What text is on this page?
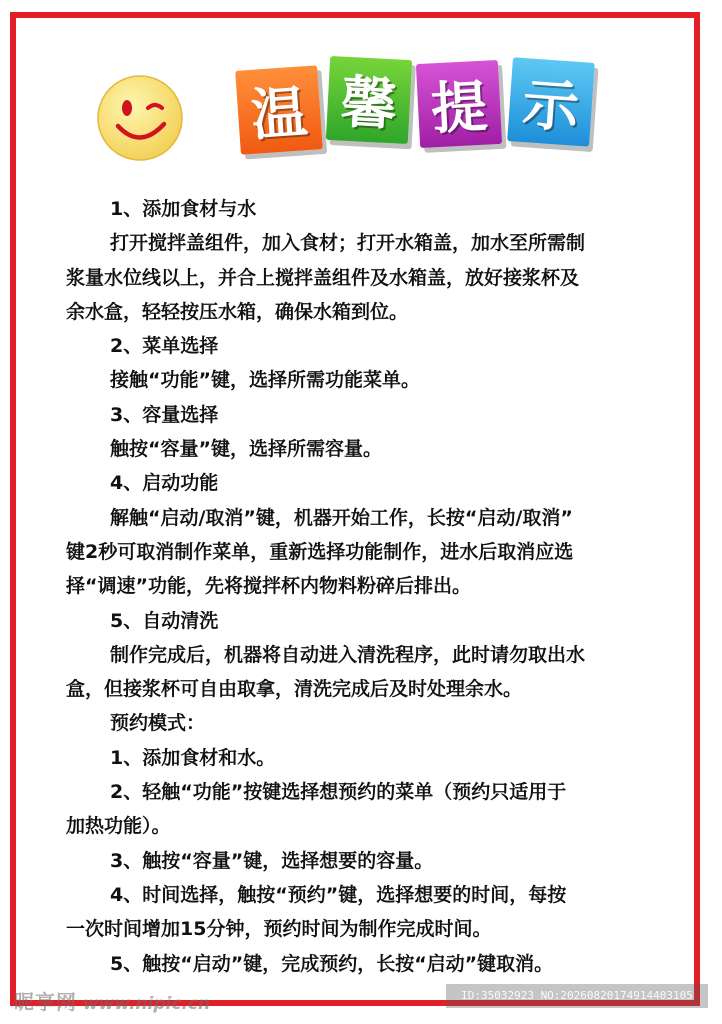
温 馨 提 示
1、添加食材与水
打开搅拌盖组件，加入食材；打开水箱盖，加水至所需制
浆量水位线以上，并合上搅拌盖组件及水箱盖，放好接浆杯及
余水盒，轻轻按压水箱，确保水箱到位。
2、菜单选择
接触“功能”键，选择所需功能菜单。
3、容量选择
触按“容量”键，选择所需容量。
4、启动功能
解触“启动/取消”键，机器开始工作，长按“启动/取消”
键2秒可取消制作菜单，重新选择功能制作，进水后取消应选
择“调速”功能，先将搅拌杯内物料粉碎后排出。
5、自动清洗
制作完成后，机器将自动进入清洗程序，此时请勿取出水
盒，但接浆杯可自由取拿，清洗完成后及时处理余水。
预约模式：
1、添加食材和水。
2、轻触“功能”按键选择想预约的菜单（预约只适用于
加热功能）。
3、触按“容量”键，选择想要的容量。
4、时间选择，触按“预约”键，选择想要的时间，每按
一次时间增加15分钟，预约时间为制作完成时间。
5、触按“启动”键，完成预约，长按“启动”键取消。
昵享网 www.nipic.cn	ID:35032923 NO:20260820174914403105
